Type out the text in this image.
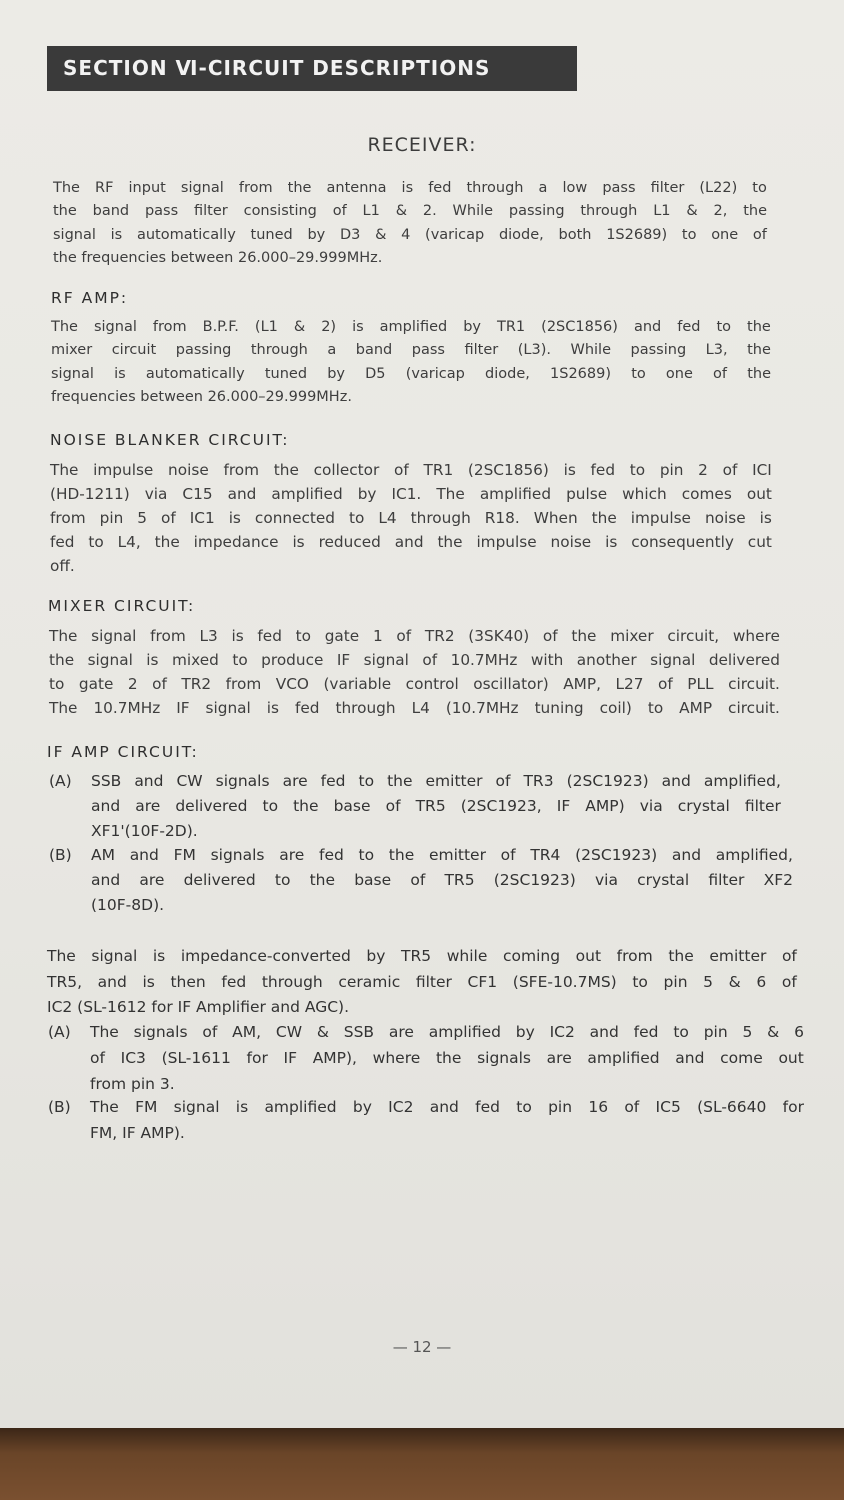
SECTION Ⅵ-CIRCUIT DESCRIPTIONS
RECEIVER:
The RF input signal from the antenna is fed through a low pass filter (L22) to
the band pass filter consisting of L1 & 2. While passing through L1 & 2, the
signal is automatically tuned by D3 & 4 (varicap diode, both 1S2689) to one of
the frequencies between 26.000–29.999MHz.
RF AMP:
The signal from B.P.F. (L1 & 2) is amplified by TR1 (2SC1856) and fed to the
mixer circuit passing through a band pass filter (L3). While passing L3, the
signal is automatically tuned by D5 (varicap diode, 1S2689) to one of the
frequencies between 26.000–29.999MHz.
NOISE BLANKER CIRCUIT:
The impulse noise from the collector of TR1 (2SC1856) is fed to pin 2 of ICI
(HD-1211) via C15 and amplified by IC1. The amplified pulse which comes out
from pin 5 of IC1 is connected to L4 through R18. When the impulse noise is
fed to L4, the impedance is reduced and the impulse noise is consequently cut
off.
MIXER CIRCUIT:
The signal from L3 is fed to gate 1 of TR2 (3SK40) of the mixer circuit, where
the signal is mixed to produce IF signal of 10.7MHz with another signal delivered
to gate 2 of TR2 from VCO (variable control oscillator) AMP, L27 of PLL circuit.
The 10.7MHz IF signal is fed through L4 (10.7MHz tuning coil) to AMP circuit.
IF AMP CIRCUIT:
(A) SSB and CW signals are fed to the emitter of TR3 (2SC1923) and amplified,
and are delivered to the base of TR5 (2SC1923, IF AMP) via crystal filter
XF1'(10F-2D).
(B) AM and FM signals are fed to the emitter of TR4 (2SC1923) and amplified,
and are delivered to the base of TR5 (2SC1923) via crystal filter XF2
(10F-8D).
The signal is impedance-converted by TR5 while coming out from the emitter of
TR5, and is then fed through ceramic filter CF1 (SFE-10.7MS) to pin 5 & 6 of
IC2 (SL-1612 for IF Amplifier and AGC).
(A) The signals of AM, CW & SSB are amplified by IC2 and fed to pin 5 & 6
of IC3 (SL-1611 for IF AMP), where the signals are amplified and come out
from pin 3.
(B) The FM signal is amplified by IC2 and fed to pin 16 of IC5 (SL-6640 for
FM, IF AMP).
— 12 —
